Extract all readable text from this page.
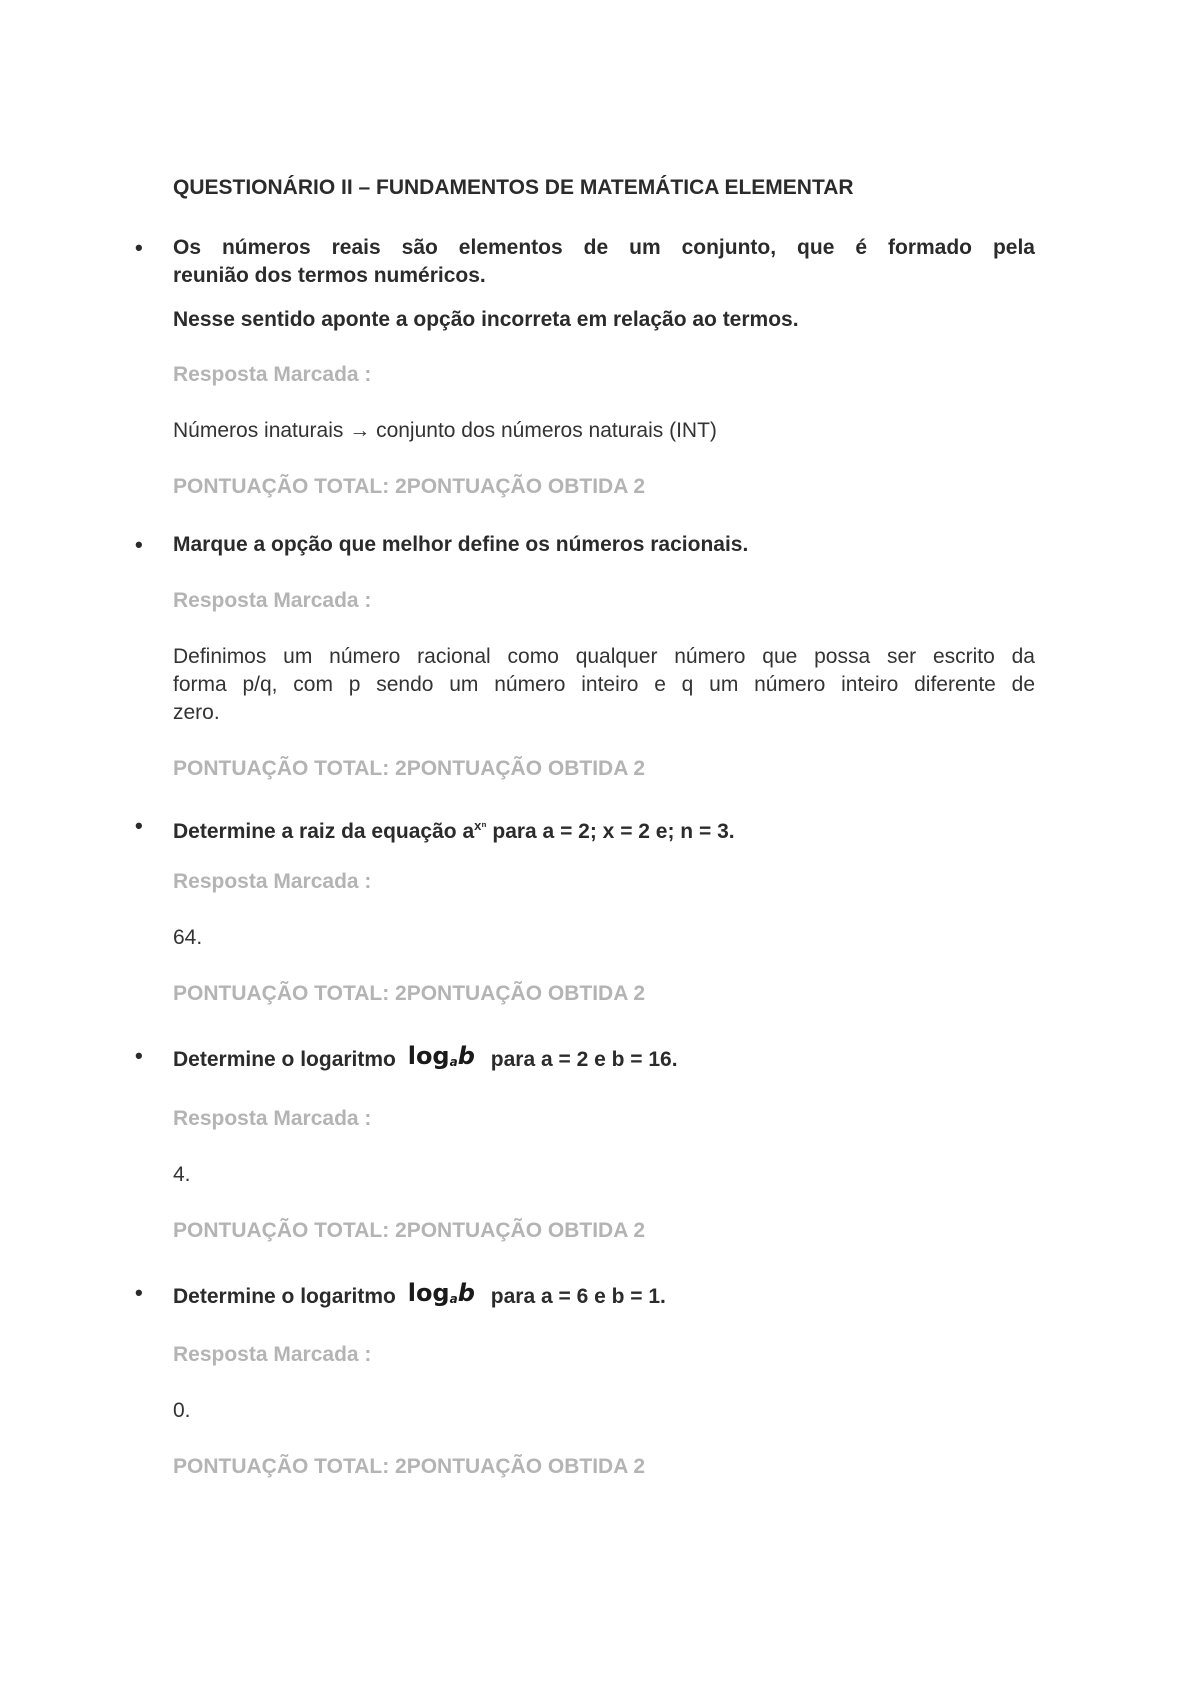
QUESTIONÁRIO II – FUNDAMENTOS DE MATEMÁTICA ELEMENTAR
• Os números reais são elementos de um conjunto, que é formado pela
reunião dos termos numéricos.
Nesse sentido aponte a opção incorreta em relação ao termos.
Resposta Marcada :
Números inaturais → conjunto dos números naturais (INT)
PONTUAÇÃO TOTAL: 2PONTUAÇÃO OBTIDA 2
• Marque a opção que melhor define os números racionais.
Resposta Marcada :
Definimos um número racional como qualquer número que possa ser escrito da
forma p/q, com p sendo um número inteiro e q um número inteiro diferente de
zero.
PONTUAÇÃO TOTAL: 2PONTUAÇÃO OBTIDA 2
• Determine a raiz da equação $a^{x^n}$ para a = 2; x = 2 e; n = 3.
Resposta Marcada :
64.
PONTUAÇÃO TOTAL: 2PONTUAÇÃO OBTIDA 2
• Determine o logaritmo $\log_ab$ para a = 2 e b = 16.
Resposta Marcada :
4.
PONTUAÇÃO TOTAL: 2PONTUAÇÃO OBTIDA 2
• Determine o logaritmo $\log_ab$ para a = 6 e b = 1.
Resposta Marcada :
0.
PONTUAÇÃO TOTAL: 2PONTUAÇÃO OBTIDA 2
